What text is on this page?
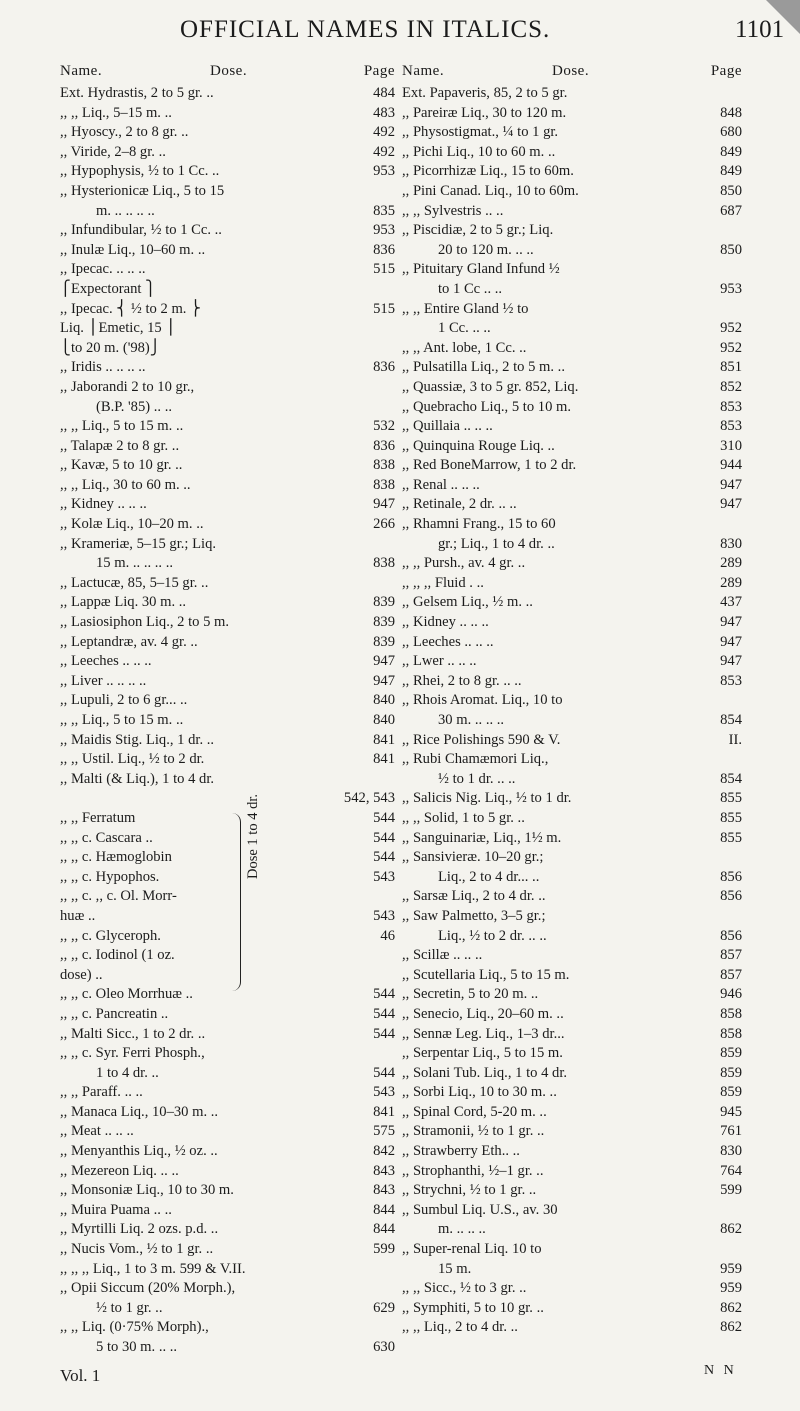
OFFICIAL NAMES IN ITALICS.	1101
Name.	Dose.	Page
Ext. Hydrastis, 2 to 5 gr. ..	484
,, ,, Liq., 5–15 m. ..	483
,, Hyoscy., 2 to 8 gr. ..	492
,, Viride, 2–8 gr. ..	492
,, Hypophysis, ½ to 1 Cc. ..	953
,, Hysterionicæ Liq., 5 to 15
m. .. .. .. ..	835
,, Infundibular, ½ to 1 Cc. ..	953
,, Inulæ Liq., 10–60 m. ..	836
,, Ipecac. .. .. ..	515
⎧Expectorant ⎫
,, Ipecac. ⎨ ½ to 2 m. ⎬	515
Liq. ⎪Emetic, 15 ⎪
⎩to 20 m. ('98)⎭
,, Iridis .. .. .. ..	836
,, Jaborandi 2 to 10 gr.,
(B.P. '85) .. ..
,, ,, Liq., 5 to 15 m. ..	532
,, Talapæ 2 to 8 gr. ..	836
,, Kavæ, 5 to 10 gr. ..	838
,, ,, Liq., 30 to 60 m. ..	838
,, Kidney .. .. ..	947
,, Kolæ Liq., 10–20 m. ..	266
,, Krameriæ, 5–15 gr.; Liq.
15 m. .. .. .. ..	838
,, Lactucæ, 85, 5–15 gr. ..
,, Lappæ Liq. 30 m. ..	839
,, Lasiosiphon Liq., 2 to 5 m.	839
,, Leptandræ, av. 4 gr. ..	839
,, Leeches .. .. ..	947
,, Liver .. .. .. ..	947
,, Lupuli, 2 to 6 gr... ..	840
,, ,, Liq., 5 to 15 m. ..	840
,, Maidis Stig. Liq., 1 dr. ..	841
,, ,, Ustil. Liq., ½ to 2 dr.	841
,, Malti (& Liq.), 1 to 4 dr.
542, 543
Dose 1 to 4 dr.
,, ,, Ferratum	544
,, ,, c. Cascara ..	544
,, ,, c. Hæmoglobin	544
,, ,, c. Hypophos.	543
,, ,, c. ,, c. Ol. Morr-
huæ ..	543
,, ,, c. Glyceroph.	46
,, ,, c. Iodinol (1 oz.
dose) ..
,, ,, c. Oleo Morrhuæ ..	544
,, ,, c. Pancreatin ..	544
,, Malti Sicc., 1 to 2 dr. ..	544
,, ,, c. Syr. Ferri Phosph.,
1 to 4 dr. ..	544
,, ,, Paraff. .. ..	543
,, Manaca Liq., 10–30 m. ..	841
,, Meat .. .. ..	575
,, Menyanthis Liq., ½ oz. ..	842
,, Mezereon Liq. .. ..	843
,, Monsoniæ Liq., 10 to 30 m.	843
,, Muira Puama .. ..	844
,, Myrtilli Liq. 2 ozs. p.d. ..	844
,, Nucis Vom., ½ to 1 gr. ..	599
,, ,, ,, Liq., 1 to 3 m. 599 & V.II.
,, Opii Siccum (20% Morph.),
½ to 1 gr. ..	629
,, ,, Liq. (0·75% Morph).,
5 to 30 m. .. ..	630
Name.	Dose.	Page
Ext. Papaveris, 85, 2 to 5 gr.
,, Pareiræ Liq., 30 to 120 m.	848
,, Physostigmat., ¼ to 1 gr.	680
,, Pichi Liq., 10 to 60 m. ..	849
,, Picorrhizæ Liq., 15 to 60m.	849
,, Pini Canad. Liq., 10 to 60m.	850
,, ,, Sylvestris .. ..	687
,, Piscidiæ, 2 to 5 gr.; Liq.
20 to 120 m. .. ..	850
,, Pituitary Gland Infund ½
to 1 Cc .. ..	953
,, ,, Entire Gland ½ to
1 Cc. .. ..	952
,, ,, Ant. lobe, 1 Cc. ..	952
,, Pulsatilla Liq., 2 to 5 m. ..	851
,, Quassiæ, 3 to 5 gr. 852, Liq.	852
,, Quebracho Liq., 5 to 10 m.	853
,, Quillaia .. .. ..	853
,, Quinquina Rouge Liq. ..	310
,, Red BoneMarrow, 1 to 2 dr.	944
,, Renal .. .. ..	947
,, Retinale, 2 dr. .. ..	947
,, Rhamni Frang., 15 to 60
gr.; Liq., 1 to 4 dr. ..	830
,, ,, Pursh., av. 4 gr. ..	289
,, ,, ,, Fluid . ..	289
,, Gelsem Liq., ½ m. ..	437
,, Kidney .. .. ..	947
,, Leeches .. .. ..	947
,, Lwer .. .. ..	947
,, Rhei, 2 to 8 gr. .. ..	853
,, Rhois Aromat. Liq., 10 to
30 m. .. .. ..	854
,, Rice Polishings 590 & V.	II.
,, Rubi Chamæmori Liq.,
½ to 1 dr. .. ..	854
,, Salicis Nig. Liq., ½ to 1 dr.	855
,, ,, Solid, 1 to 5 gr. ..	855
,, Sanguinariæ, Liq., 1½ m.	855
,, Sansivieræ. 10–20 gr.;
Liq., 2 to 4 dr... ..	856
,, Sarsæ Liq., 2 to 4 dr. ..	856
,, Saw Palmetto, 3–5 gr.;
Liq., ½ to 2 dr. .. ..	856
,, Scillæ .. .. ..	857
,, Scutellaria Liq., 5 to 15 m.	857
,, Secretin, 5 to 20 m. ..	946
,, Senecio, Liq., 20–60 m. ..	858
,, Sennæ Leg. Liq., 1–3 dr...	858
,, Serpentar Liq., 5 to 15 m.	859
,, Solani Tub. Liq., 1 to 4 dr.	859
,, Sorbi Liq., 10 to 30 m. ..	859
,, Spinal Cord, 5-20 m. ..	945
,, Stramonii, ½ to 1 gr. ..	761
,, Strawberry Eth.. ..	830
,, Strophanthi, ½–1 gr. ..	764
,, Strychni, ½ to 1 gr. ..	599
,, Sumbul Liq. U.S., av. 30
m. .. .. ..	862
,, Super-renal Liq. 10 to
15 m.	959
,, ,, Sicc., ½ to 3 gr. ..	959
,, Symphiti, 5 to 10 gr. ..	862
,, ,, Liq., 2 to 4 dr. ..	862
Vol. 1	N N
